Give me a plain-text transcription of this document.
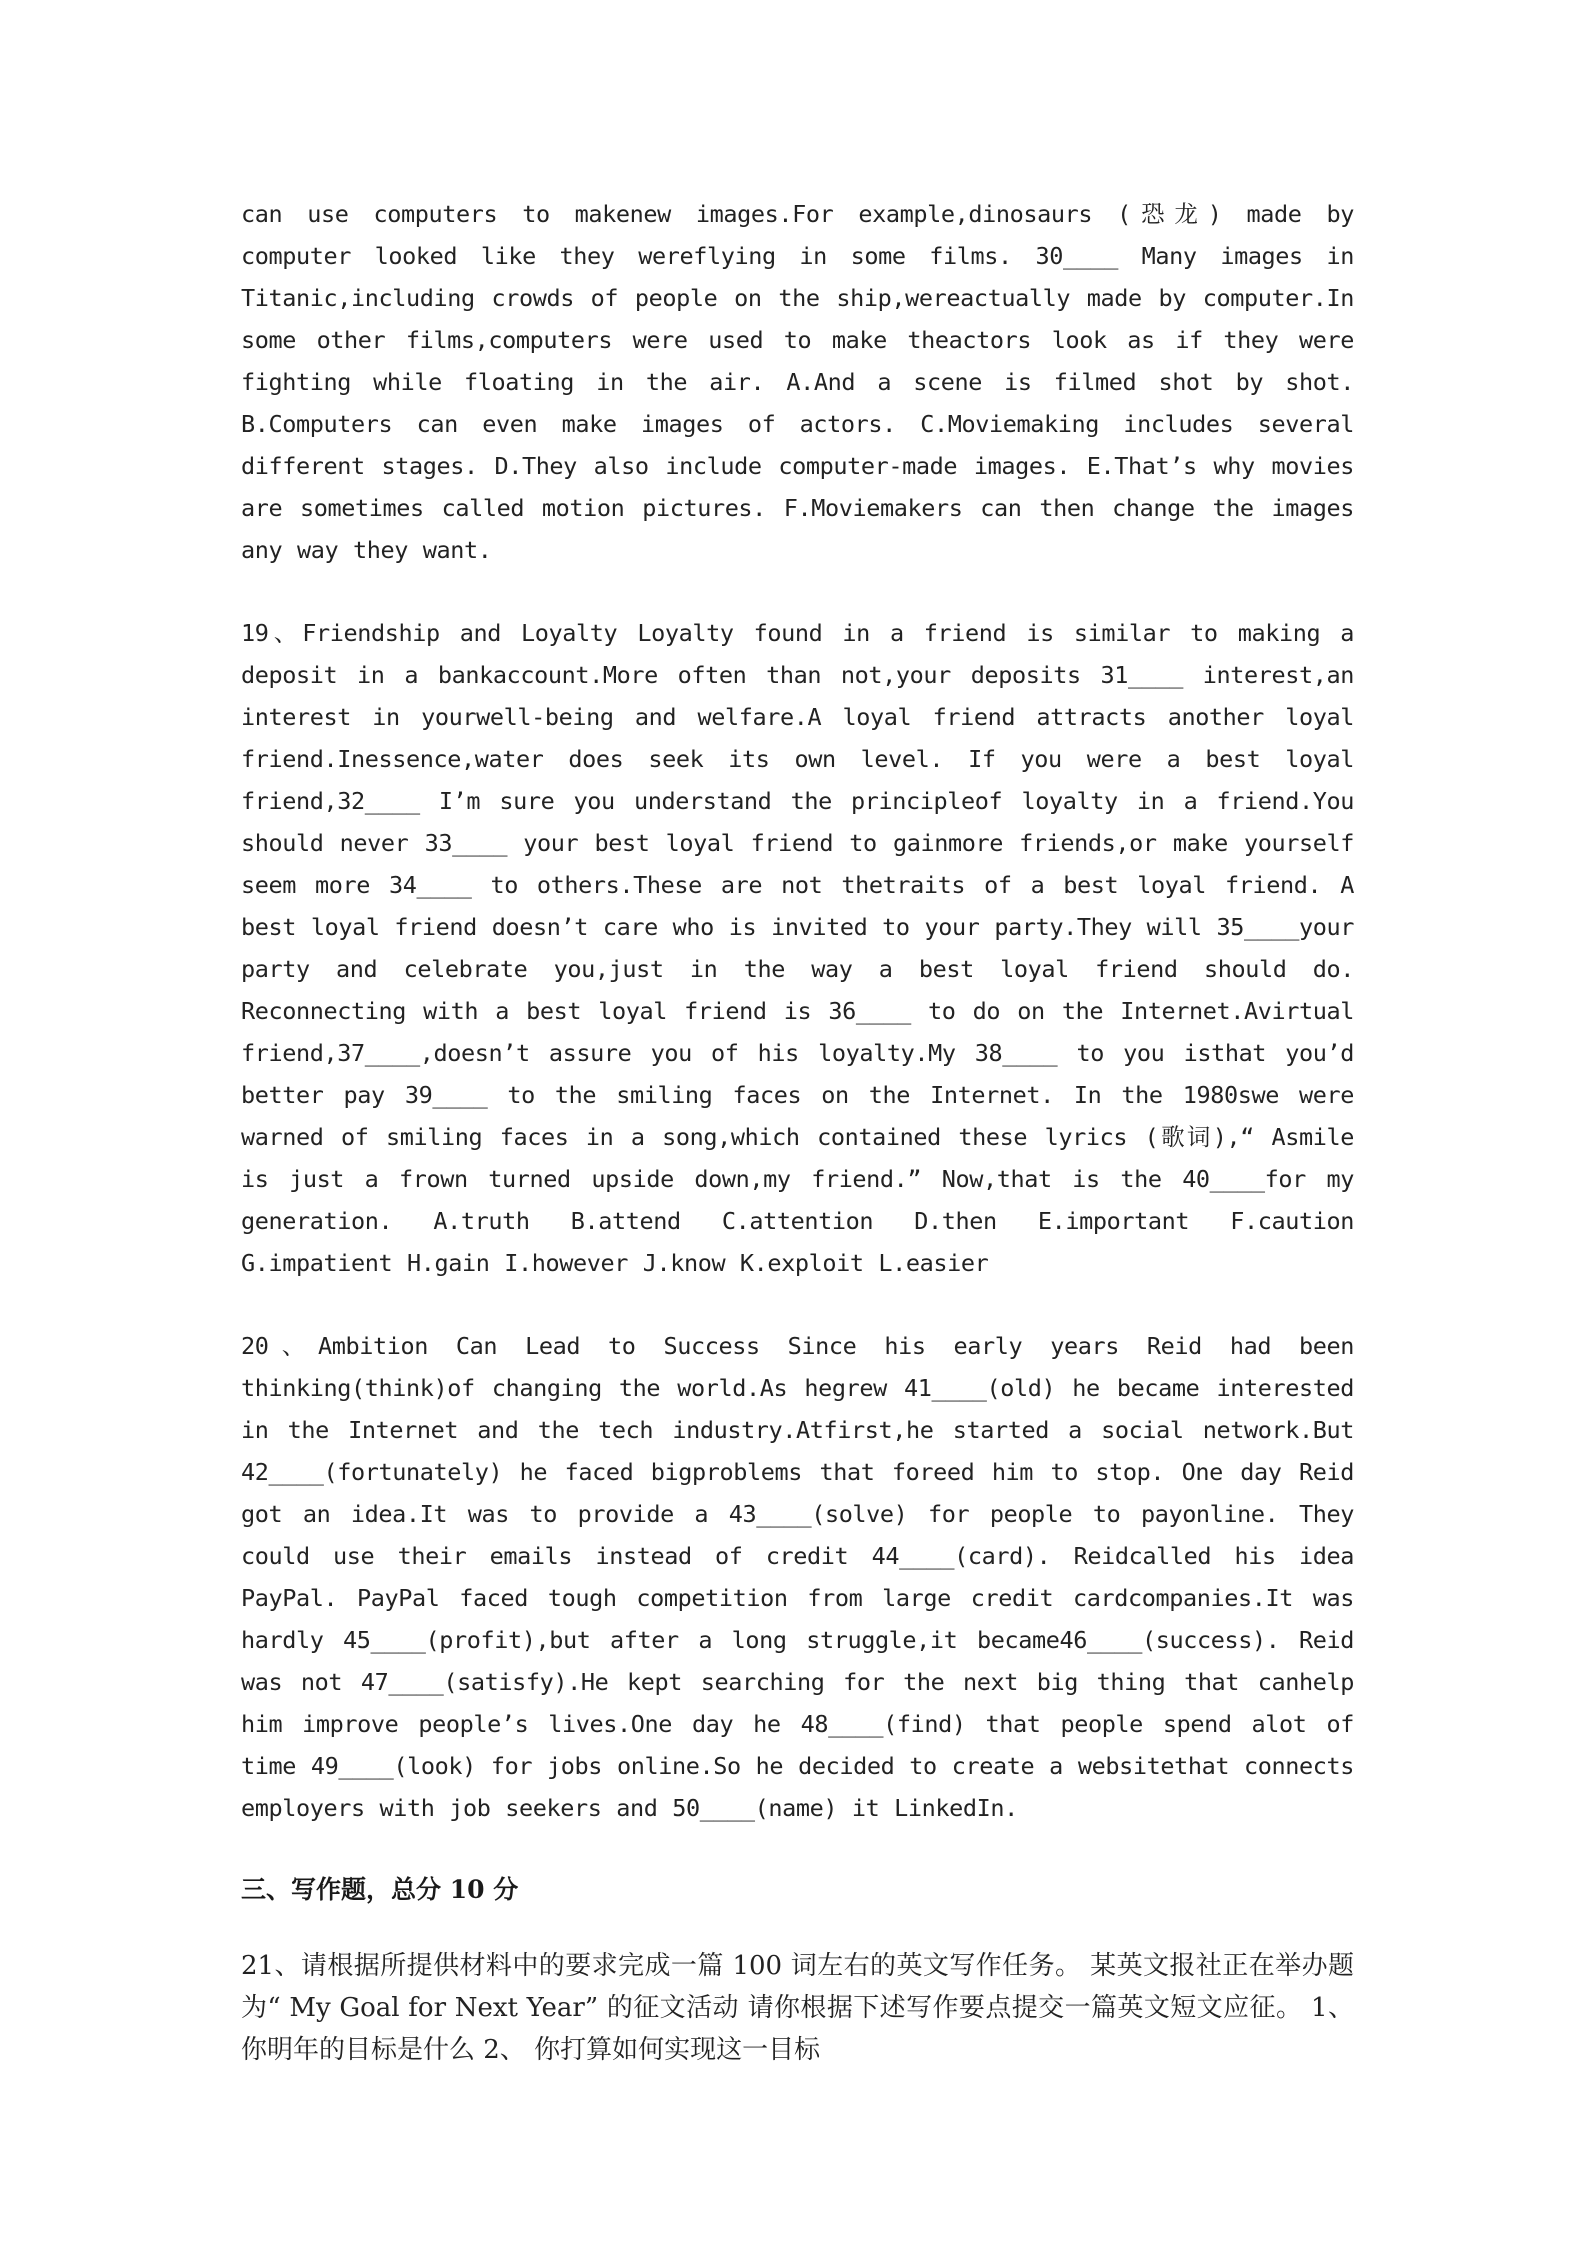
can use computers to makenew images.For example,dinosaurs (恐龙) made by computer looked like they wereflying in some films. 30____ Many images in Titanic,including crowds of people on the ship,wereactually made by computer.In some other films,computers were used to make theactors look as if they were fighting while floating in the air. A.And a scene is filmed shot by shot. B.Computers can even make images of actors. C.Moviemaking includes several different stages. D.They also include computer-made images. E.That’s why movies are sometimes called motion pictures. F.Moviemakers can then change the images any way they want.

19、Friendship and Loyalty Loyalty found in a friend is similar to making a deposit in a bankaccount.More often than not,your deposits 31____ interest,an interest in yourwell-being and welfare.A loyal friend attracts another loyal friend.Inessence,water does seek its own level. If you were a best loyal friend,32____ I’m sure you understand the principleof loyalty in a friend.You should never 33____ your best loyal friend to gainmore friends,or make yourself seem more 34____ to others.These are not thetraits of a best loyal friend. A best loyal friend doesn’t care who is invited to your party.They will 35____your party and celebrate you,just in the way a best loyal friend should do. Reconnecting with a best loyal friend is 36____ to do on the Internet.Avirtual friend,37____,doesn’t assure you of his loyalty.My 38____ to you isthat you’d better pay 39____ to the smiling faces on the Internet. In the 1980swe were warned of smiling faces in a song,which contained these lyrics (歌词),“ Asmile is just a frown turned upside down,my friend.” Now,that is the 40____for my generation. A.truth B.attend C.attention D.then E.important F.caution G.impatient H.gain I.however J.know K.exploit L.easier

20、Ambition Can Lead to Success Since his early years Reid had been thinking(think)of changing the world.As hegrew 41____(old) he became interested in the Internet and the tech industry.Atfirst,he started a social network.But 42____(fortunately) he faced bigproblems that foreed him to stop. One day Reid got an idea.It was to provide a 43____(solve) for people to payonline. They could use their emails instead of credit 44____(card). Reidcalled his idea PayPal. PayPal faced tough competition from large credit cardcompanies.It was hardly 45____(profit),but after a long struggle,it became46____(success). Reid was not 47____(satisfy).He kept searching for the next big thing that canhelp him improve people’s lives.One day he 48____(find) that people spend alot of time 49____(look) for jobs online.So he decided to create a websitethat connects employers with job seekers and 50____(name) it LinkedIn.

三、写作题，总分 10 分

21、请根据所提供材料中的要求完成一篇 100 词左右的英文写作任务。 某英文报社正在举办题为“ My Goal for Next Year” 的征文活动 请你根据下述写作要点提交一篇英文短文应征。 1、 你明年的目标是什么 2、 你打算如何实现这一目标
